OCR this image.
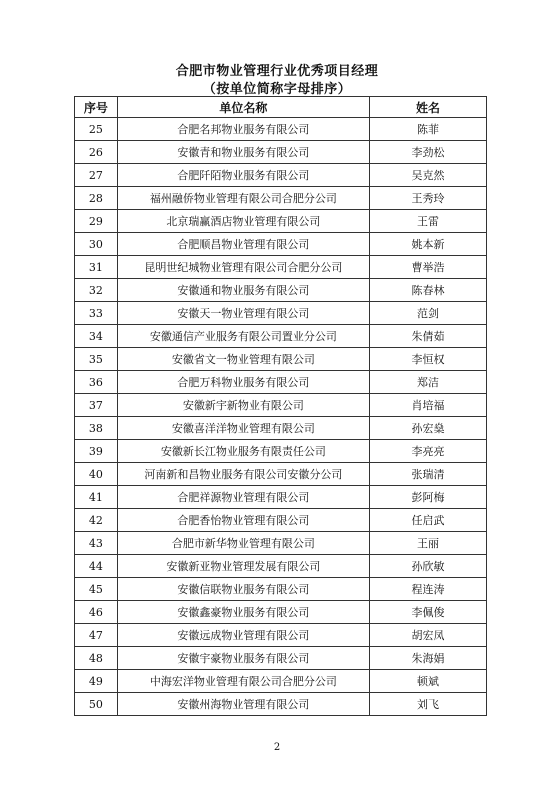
合肥市物业管理行业优秀项目经理
（按单位简称字母排序）
序号	单位名称	姓名
25	合肥名邦物业服务有限公司	陈菲
26	安徽青和物业服务有限公司	李劲松
27	合肥阡陌物业服务有限公司	吴克然
28	福州融侨物业管理有限公司合肥分公司	王秀玲
29	北京瑞赢酒店物业管理有限公司	王雷
30	合肥顺昌物业管理有限公司	姚本新
31	昆明世纪城物业管理有限公司合肥分公司	曹举浩
32	安徽通和物业服务有限公司	陈春林
33	安徽天一物业管理有限公司	范剑
34	安徽通信产业服务有限公司置业分公司	朱倩茹
35	安徽省文一物业管理有限公司	李恒权
36	合肥万科物业服务有限公司	郑洁
37	安徽新宇新物业有限公司	肖培福
38	安徽喜洋洋物业管理有限公司	孙宏燊
39	安徽新长江物业服务有限责任公司	李亮亮
40	河南新和昌物业服务有限公司安徽分公司	张瑞清
41	合肥祥源物业管理有限公司	彭阿梅
42	合肥香怡物业管理有限公司	任启武
43	合肥市新华物业管理有限公司	王丽
44	安徽新亚物业管理发展有限公司	孙欣敏
45	安徽信联物业服务有限公司	程连涛
46	安徽鑫豪物业服务有限公司	李佩俊
47	安徽远成物业管理有限公司	胡宏凤
48	安徽宇豪物业服务有限公司	朱海娟
49	中海宏洋物业管理有限公司合肥分公司	顿斌
50	安徽州海物业管理有限公司	刘飞
2
